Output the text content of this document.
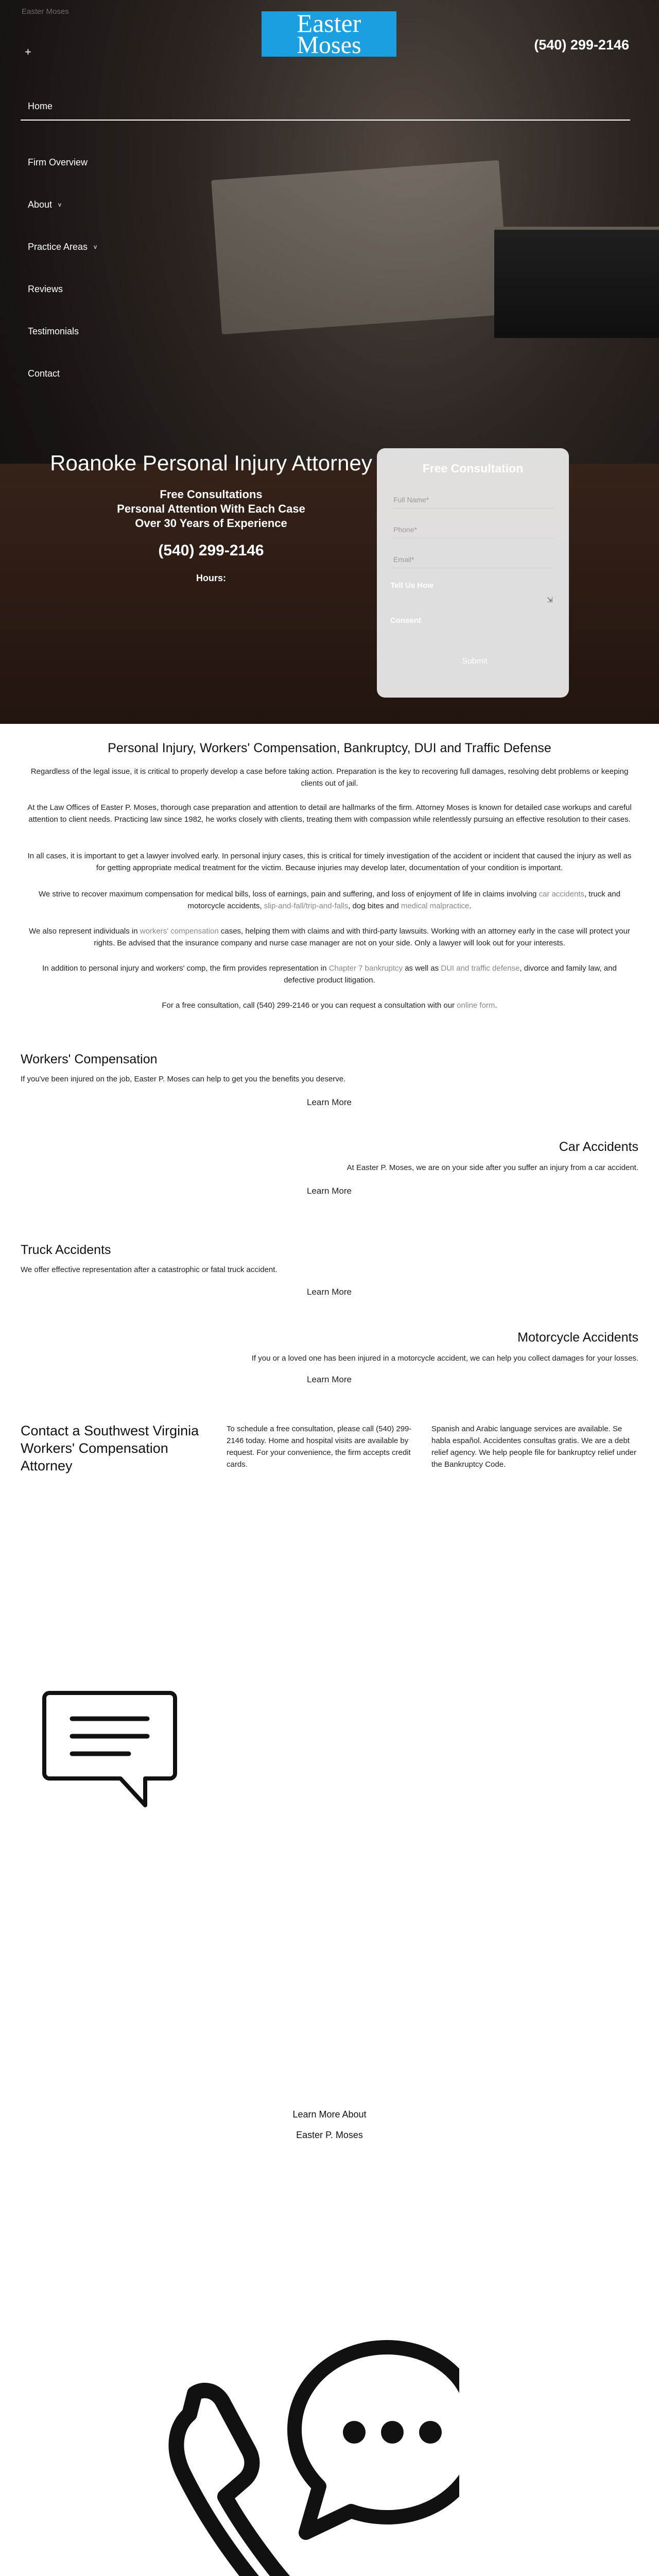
Easter Moses	Easter
Moses	(540) 299-2146
+
Home
Firm Overview
About v
Practice Areas v
Reviews
Testimonials
Contact
Roanoke Personal Injury Attorney
Free Consultations
Personal Attention With Each Case
Over 30 Years of Experience
(540) 299-2146
Hours:
Free Consultation
Full Name*
Phone*
Email*
Tell Us How
⇲
Consent
Submit
Personal Injury, Workers' Compensation, Bankruptcy, DUI and Traffic Defense

Regardless of the legal issue, it is critical to properly develop a case before taking action. Preparation is the key to recovering full damages, resolving debt problems or keeping clients out of jail.

At the Law Offices of Easter P. Moses, thorough case preparation and attention to detail are hallmarks of the firm. Attorney Moses is known for detailed case workups and careful attention to client needs. Practicing law since 1982, he works closely with clients, treating them with compassion while relentlessly pursuing an effective resolution to their cases.

In all cases, it is important to get a lawyer involved early. In personal injury cases, this is critical for timely investigation of the accident or incident that caused the injury as well as for getting appropriate medical treatment for the victim. Because injuries may develop later, documentation of your condition is important.

We strive to recover maximum compensation for medical bills, loss of earnings, pain and suffering, and loss of enjoyment of life in claims involving car accidents, truck and motorcycle accidents, slip-and-fall/trip-and-falls, dog bites and medical malpractice.

We also represent individuals in workers' compensation cases, helping them with claims and with third-party lawsuits. Working with an attorney early in the case will protect your rights. Be advised that the insurance company and nurse case manager are not on your side. Only a lawyer will look out for your interests.

In addition to personal injury and workers' comp, the firm provides representation in Chapter 7 bankruptcy as well as DUI and traffic defense, divorce and family law, and defective product litigation.

For a free consultation, call (540) 299-2146 or you can request a consultation with our online form.

Workers' Compensation

If you've been injured on the job, Easter P. Moses can help to get you the benefits you deserve.

Learn More
Car Accidents

At Easter P. Moses, we are on your side after you suffer an injury from a car accident.

Learn More
Truck Accidents

We offer effective representation after a catastrophic or fatal truck accident.

Learn More
Motorcycle Accidents

If you or a loved one has been injured in a motorcycle accident, we can help you collect damages for your losses.

Learn More
Contact a Southwest Virginia Workers' Compensation Attorney

To schedule a free consultation, please call (540) 299-2146 today. Home and hospital visits are available by request. For your convenience, the firm accepts credit cards.

Spanish and Arabic language services are available. Se habla español. Accidentes consultas gratis. We are a debt relief agency. We help people file for bankruptcy relief under the Bankruptcy Code.

Learn More About
Easter P. Moses
